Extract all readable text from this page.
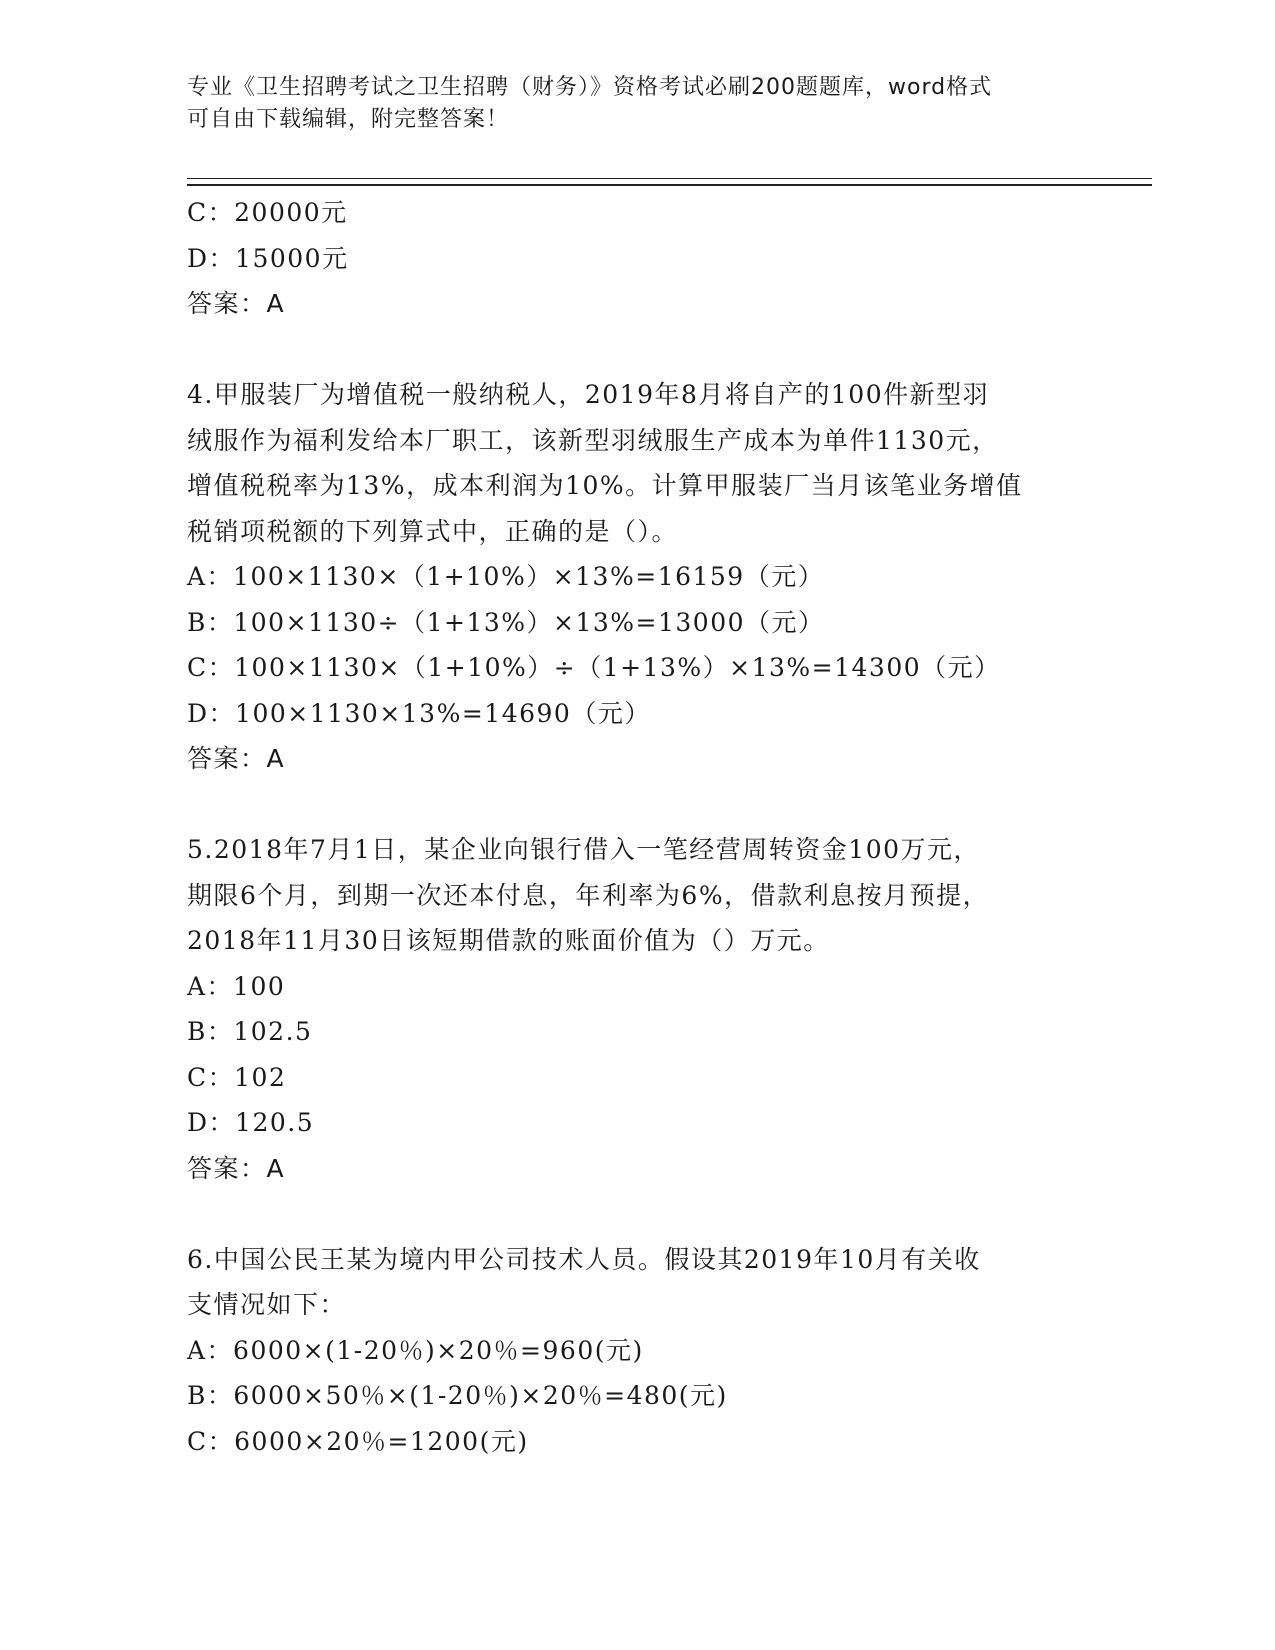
专业《卫生招聘考试之卫生招聘（财务）》资格考试必刷200题题库，word格式
可自由下载编辑，附完整答案！
C：20000元
D：15000元
答案：A
4.甲服装厂为增值税一般纳税人，2019年8月将自产的100件新型羽
绒服作为福利发给本厂职工，该新型羽绒服生产成本为单件1130元，
增值税税率为13%，成本利润为10%。计算甲服装厂当月该笔业务增值
税销项税额的下列算式中，正确的是（）。
A：100×1130×（1+10%）×13%=16159（元）
B：100×1130÷（1+13%）×13%=13000（元）
C：100×1130×（1+10%）÷（1+13%）×13%=14300（元）
D：100×1130×13%=14690（元）
答案：A
5.2018年7月1日，某企业向银行借入一笔经营周转资金100万元，
期限6个月，到期一次还本付息，年利率为6%，借款利息按月预提，
2018年11月30日该短期借款的账面价值为（）万元。
A：100
B：102.5
C：102
D：120.5
答案：A
6.中国公民王某为境内甲公司技术人员。假设其2019年10月有关收
支情况如下：
A：6000×(1-20％)×20％=960(元)
B：6000×50％×(1-20％)×20％=480(元)
C：6000×20％=1200(元)
